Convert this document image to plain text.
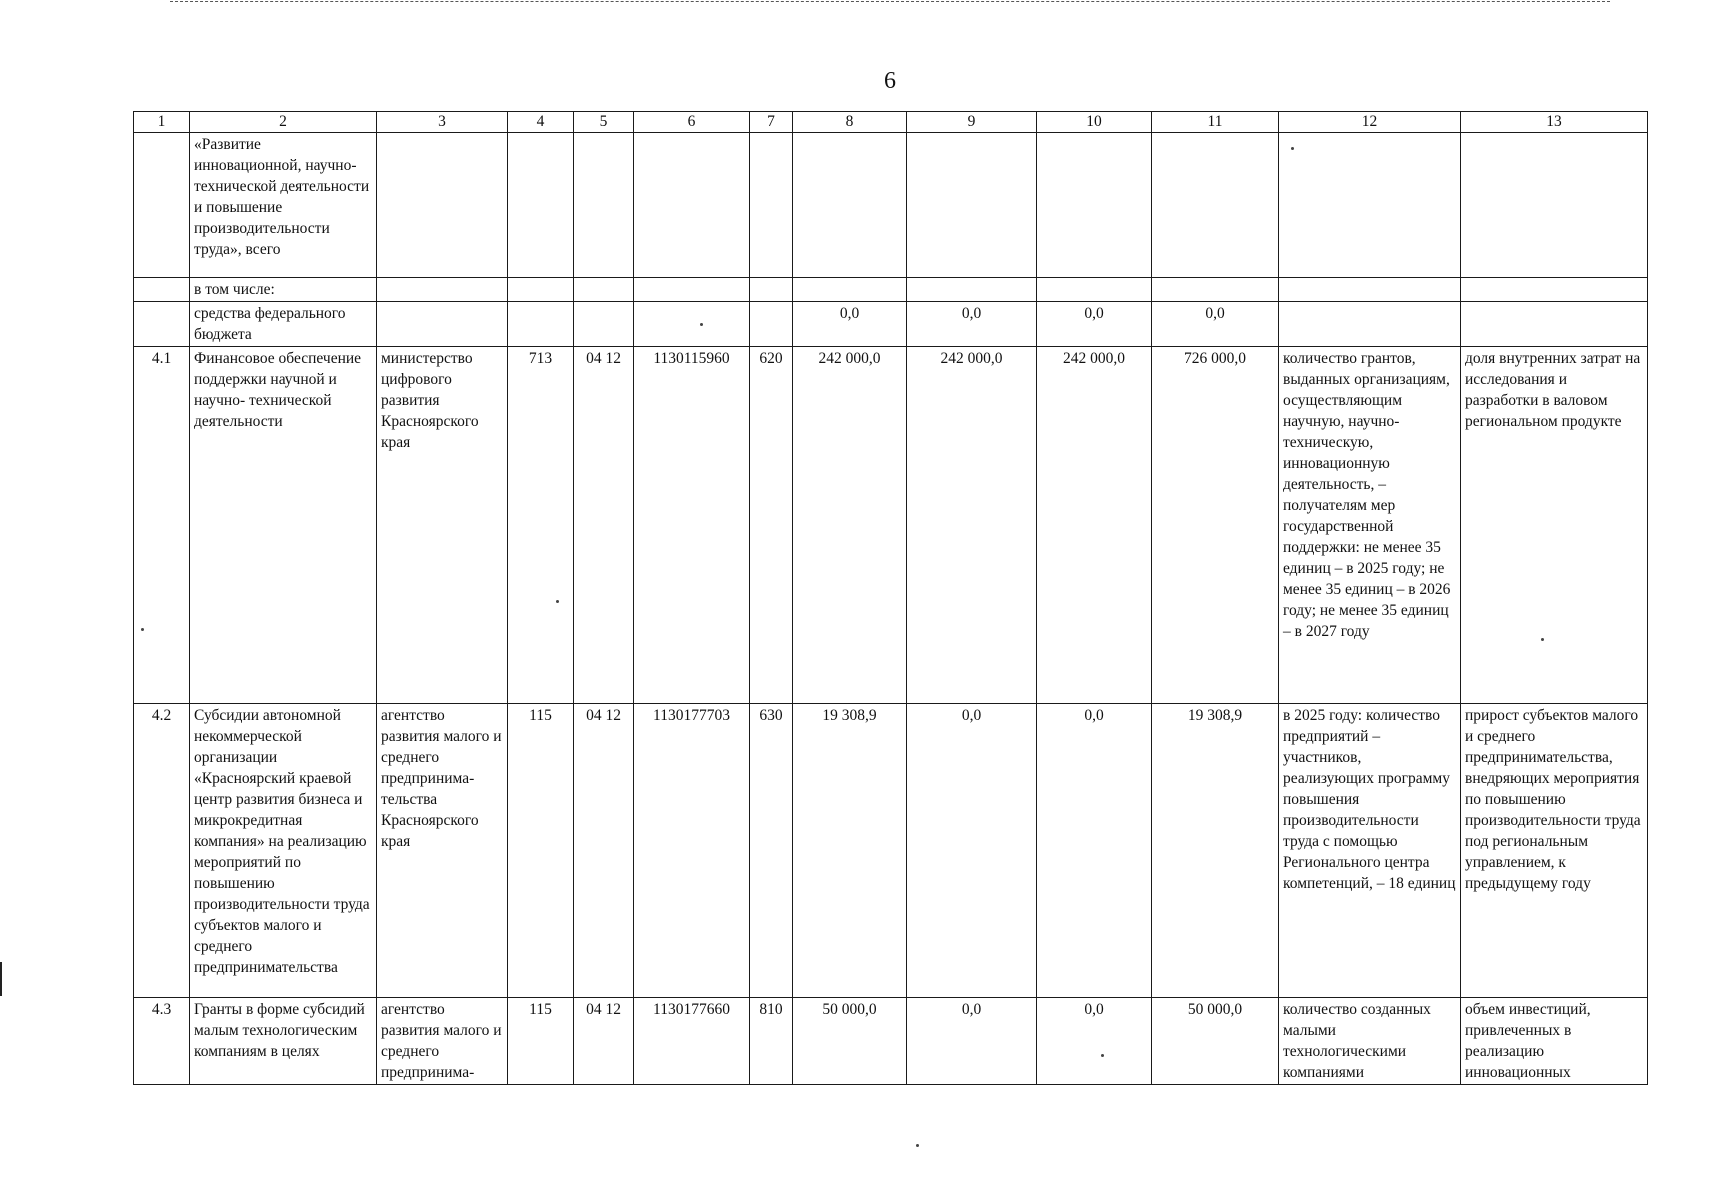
6
1	2	3	4	5	6	7	8	9	10	11	12	13
	«Развитие инновационной, научно-технической деятельности и повышение производительности труда», всего											
	в том числе:											
	средства федерального бюджета						0,0	0,0	0,0	0,0		
4.1	Финансовое обеспечение поддержки научной и научно- технической деятельности	министерство цифрового развития Красноярского края	713	04 12	1130115960	620	242 000,0	242 000,0	242 000,0	726 000,0	количество грантов, выданных организациям, осуществляющим научную, научно- техническую, инновационную деятельность, – получателям мер государственной поддержки: не менее 35 единиц – в 2025 году; не менее 35 единиц – в 2026 году; не менее 35 единиц – в 2027 году	доля внутренних затрат на исследования и разработки в валовом региональном продукте
4.2	Субсидии автономной некоммерческой организации «Красноярский краевой центр развития бизнеса и микрокредитная компания» на реализацию мероприятий по повышению производительности труда субъектов малого и среднего предпринимательства	агентство развития малого и среднего предпринима- тельства Красноярского края	115	04 12	1130177703	630	19 308,9	0,0	0,0	19 308,9	в 2025 году: количество предприятий – участников, реализующих программу повышения производительности труда с помощью Регионального центра компетенций, – 18 единиц	прирост субъектов малого и среднего предпринимательства, внедряющих мероприятия по повышению производительности труда под региональным управлением, к предыдущему году
4.3	Гранты в форме субсидий малым технологическим компаниям в целях	агентство развития малого и среднего предпринима-	115	04 12	1130177660	810	50 000,0	0,0	0,0	50 000,0	количество созданных малыми технологическими компаниями	объем инвестиций, привлеченных в реализацию инновационных
